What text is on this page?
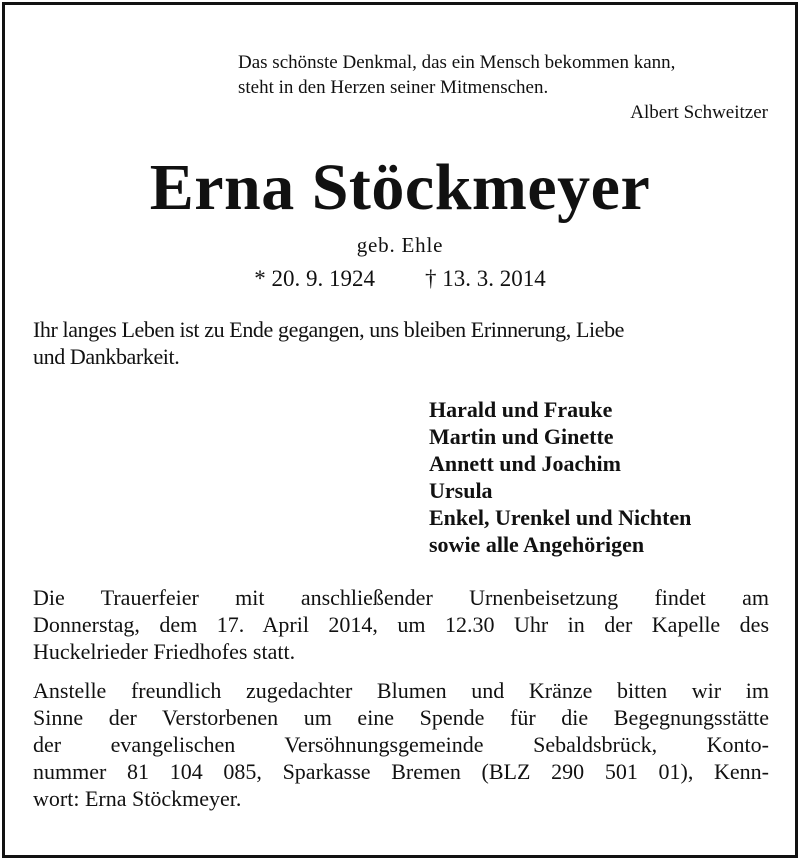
Das schönste Denkmal, das ein Mensch bekommen kann,
steht in den Herzen seiner Mitmenschen.
Albert Schweitzer
Erna Stöckmeyer
geb. Ehle
* 20. 9. 1924 † 13. 3. 2014
Ihr langes Leben ist zu Ende gegangen, uns bleiben Erinnerung, Liebe
und Dankbarkeit.
Harald und Frauke
Martin und Ginette
Annett und Joachim
Ursula
Enkel, Urenkel und Nichten
sowie alle Angehörigen
Die Trauerfeier mit anschließender Urnenbeisetzung findet am
Donnerstag, dem 17. April 2014, um 12.30 Uhr in der Kapelle des
Huckelrieder Friedhofes statt.
Anstelle freundlich zugedachter Blumen und Kränze bitten wir im
Sinne der Verstorbenen um eine Spende für die Begegnungsstätte
der evangelischen Versöhnungsgemeinde Sebaldsbrück, Konto-
nummer 81 104 085, Sparkasse Bremen (BLZ 290 501 01), Kenn-
wort: Erna Stöckmeyer.
